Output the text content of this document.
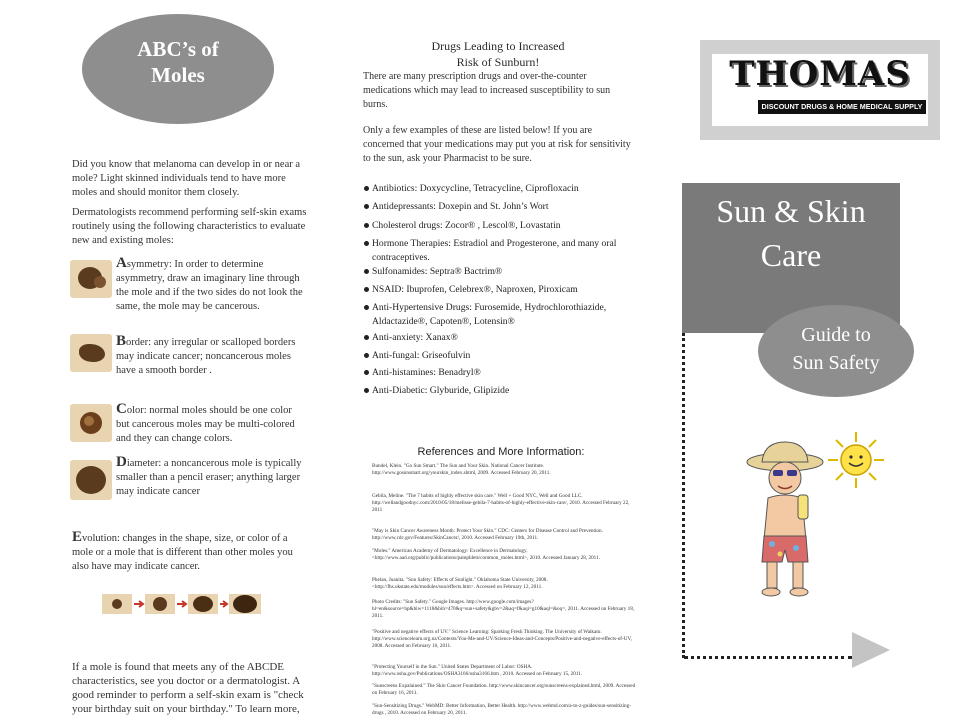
ABC’s of
Moles
Did you know that melanoma can develop in or near a mole? Light skinned individuals tend to have more moles and should monitor them closely.
Dermatologists recommend performing self-skin exams routinely using the following characteristics to evaluate new and existing moles:
Asymmetry: In order to determine asymmetry, draw an imaginary line through the mole and if the two sides do not look the same, the mole may be cancerous.
Border: any irregular or scalloped borders may indicate cancer; noncancerous moles have a smooth border .
Color: normal moles should be one color but cancerous moles may be multi-colored and they can change colors.
Diameter: a noncancerous mole is typically smaller than a pencil eraser; anything larger may indicate cancer
Evolution: changes in the shape, size, or color of a mole or a mole that is different than other moles you also have may indicate cancer.
If a mole is found that meets any of the ABCDE characteristics, see you doctor or a dermatologist. A good reminder to perform a self-skin exam is "check your birthday suit on your birthday." To learn more,
Drugs Leading to Increased
Risk of Sunburn!
There are many prescription drugs and over-the-counter medications which may lead to increased susceptibility to sun burns.
Only a few examples of these are listed below! If you are concerned that your medications may put you at risk for sensitivity to the sun, ask your Pharmacist to be sure.
Antibiotics: Doxycycline, Tetracycline, Ciprofloxacin
Antidepressants: Doxepin and St. John’s Wort
Cholesterol drugs: Zocor® , Lescol®, Lovastatin
Hormone Therapies: Estradiol and Progesterone, and many oral contraceptives.
Sulfonamides: Septra® Bactrim®
NSAID: Ibuprofen, Celebrex®, Naproxen, Piroxicam
Anti-Hypertensive Drugs: Furosemide, Hydrochlorothiazide, Aldactazide®, Capoten®, Lotensin®
Anti-anxiety: Xanax®
Anti-fungal: Griseofulvin
Anti-histamines: Benadryl®
Anti-Diabetic: Glyburide, Glipizide
References and More Information:
Bundel, Klein. "Go Sun Smart." The Sun and Your Skin. National Cancer Institute. http://www.gosunsmart.org/yourskin_index.shtml, 2009. Accessed February 20, 2011.
Gebila, Meline. "The 7 habits of highly effective skin care." Well + Good NYC, Well and Good LLC. http://wellandgoodnyc.com/2010/05/18/melisse-gebila-7-habits-of-highly-effective-skin-care/, 2010. Accessed February 22, 2011
"May is Skin Cancer Awareness Month: Protect Your Skin." CDC: Centers for Disease Control and Prevention. http://www.cdc.gov/Features/SkinCancer/, 2010. Accessed February 19th, 2011.
"Moles." American Academy of Dermatology: Excellence in Dermatology. <http://www.aad.org/public/publications/pamphlets/common_moles.html>, 2010. Accessed January 28, 2011.
Phelan, Juanita. "Sun Safety: Effects of Sunlight." Oklahoma State University, 2008. <http://fhs.okstate.edu/modules/sun/effects.htm>. Accessed on February 12, 2011.
Photo Credits: "Sun Safety." Google Images. http://www.google.com/images?hl=en&source=hp&biw=1118&bih=470&q=sun+safety&gbv=2&aq=f&aqi=g10&aql=&oq=, 2011. Accessed on February 18, 2011.
"Positive and negative effects of UV." Science Learning: Sparking Fresh Thinking. The University of Waikato. http://www.sciencelearn.org.nz/Contexts/You-Me-and-UV/Science-Ideas-and-Concepts/Positive-and-negative-effects-of-UV, 2008. Accessed on February 16, 2011.
"Protecting Yourself in the Sun." United States Department of Labor: OSHA. http://www.osha.gov/Publications/OSHA3166/osha3166.htm , 2010. Accessed on February 15, 2011.
"Sunscreens Expalained." The Skin Cancer Foundation. http://www.skincancer.org/sunscreens-explained.html, 2009. Accessed on February 16, 2011.
"Sun-Sensitizing Drugs." WebMD: Better Information, Better Health. http://www.webmd.com/a-to-z-guides/sun-sensitizing-drugs , 2010. Accessed on February 20, 2011.
THOMAS
DISCOUNT DRUGS & HOME MEDICAL SUPPLY
Sun & Skin
Care
Guide to
Sun Safety
